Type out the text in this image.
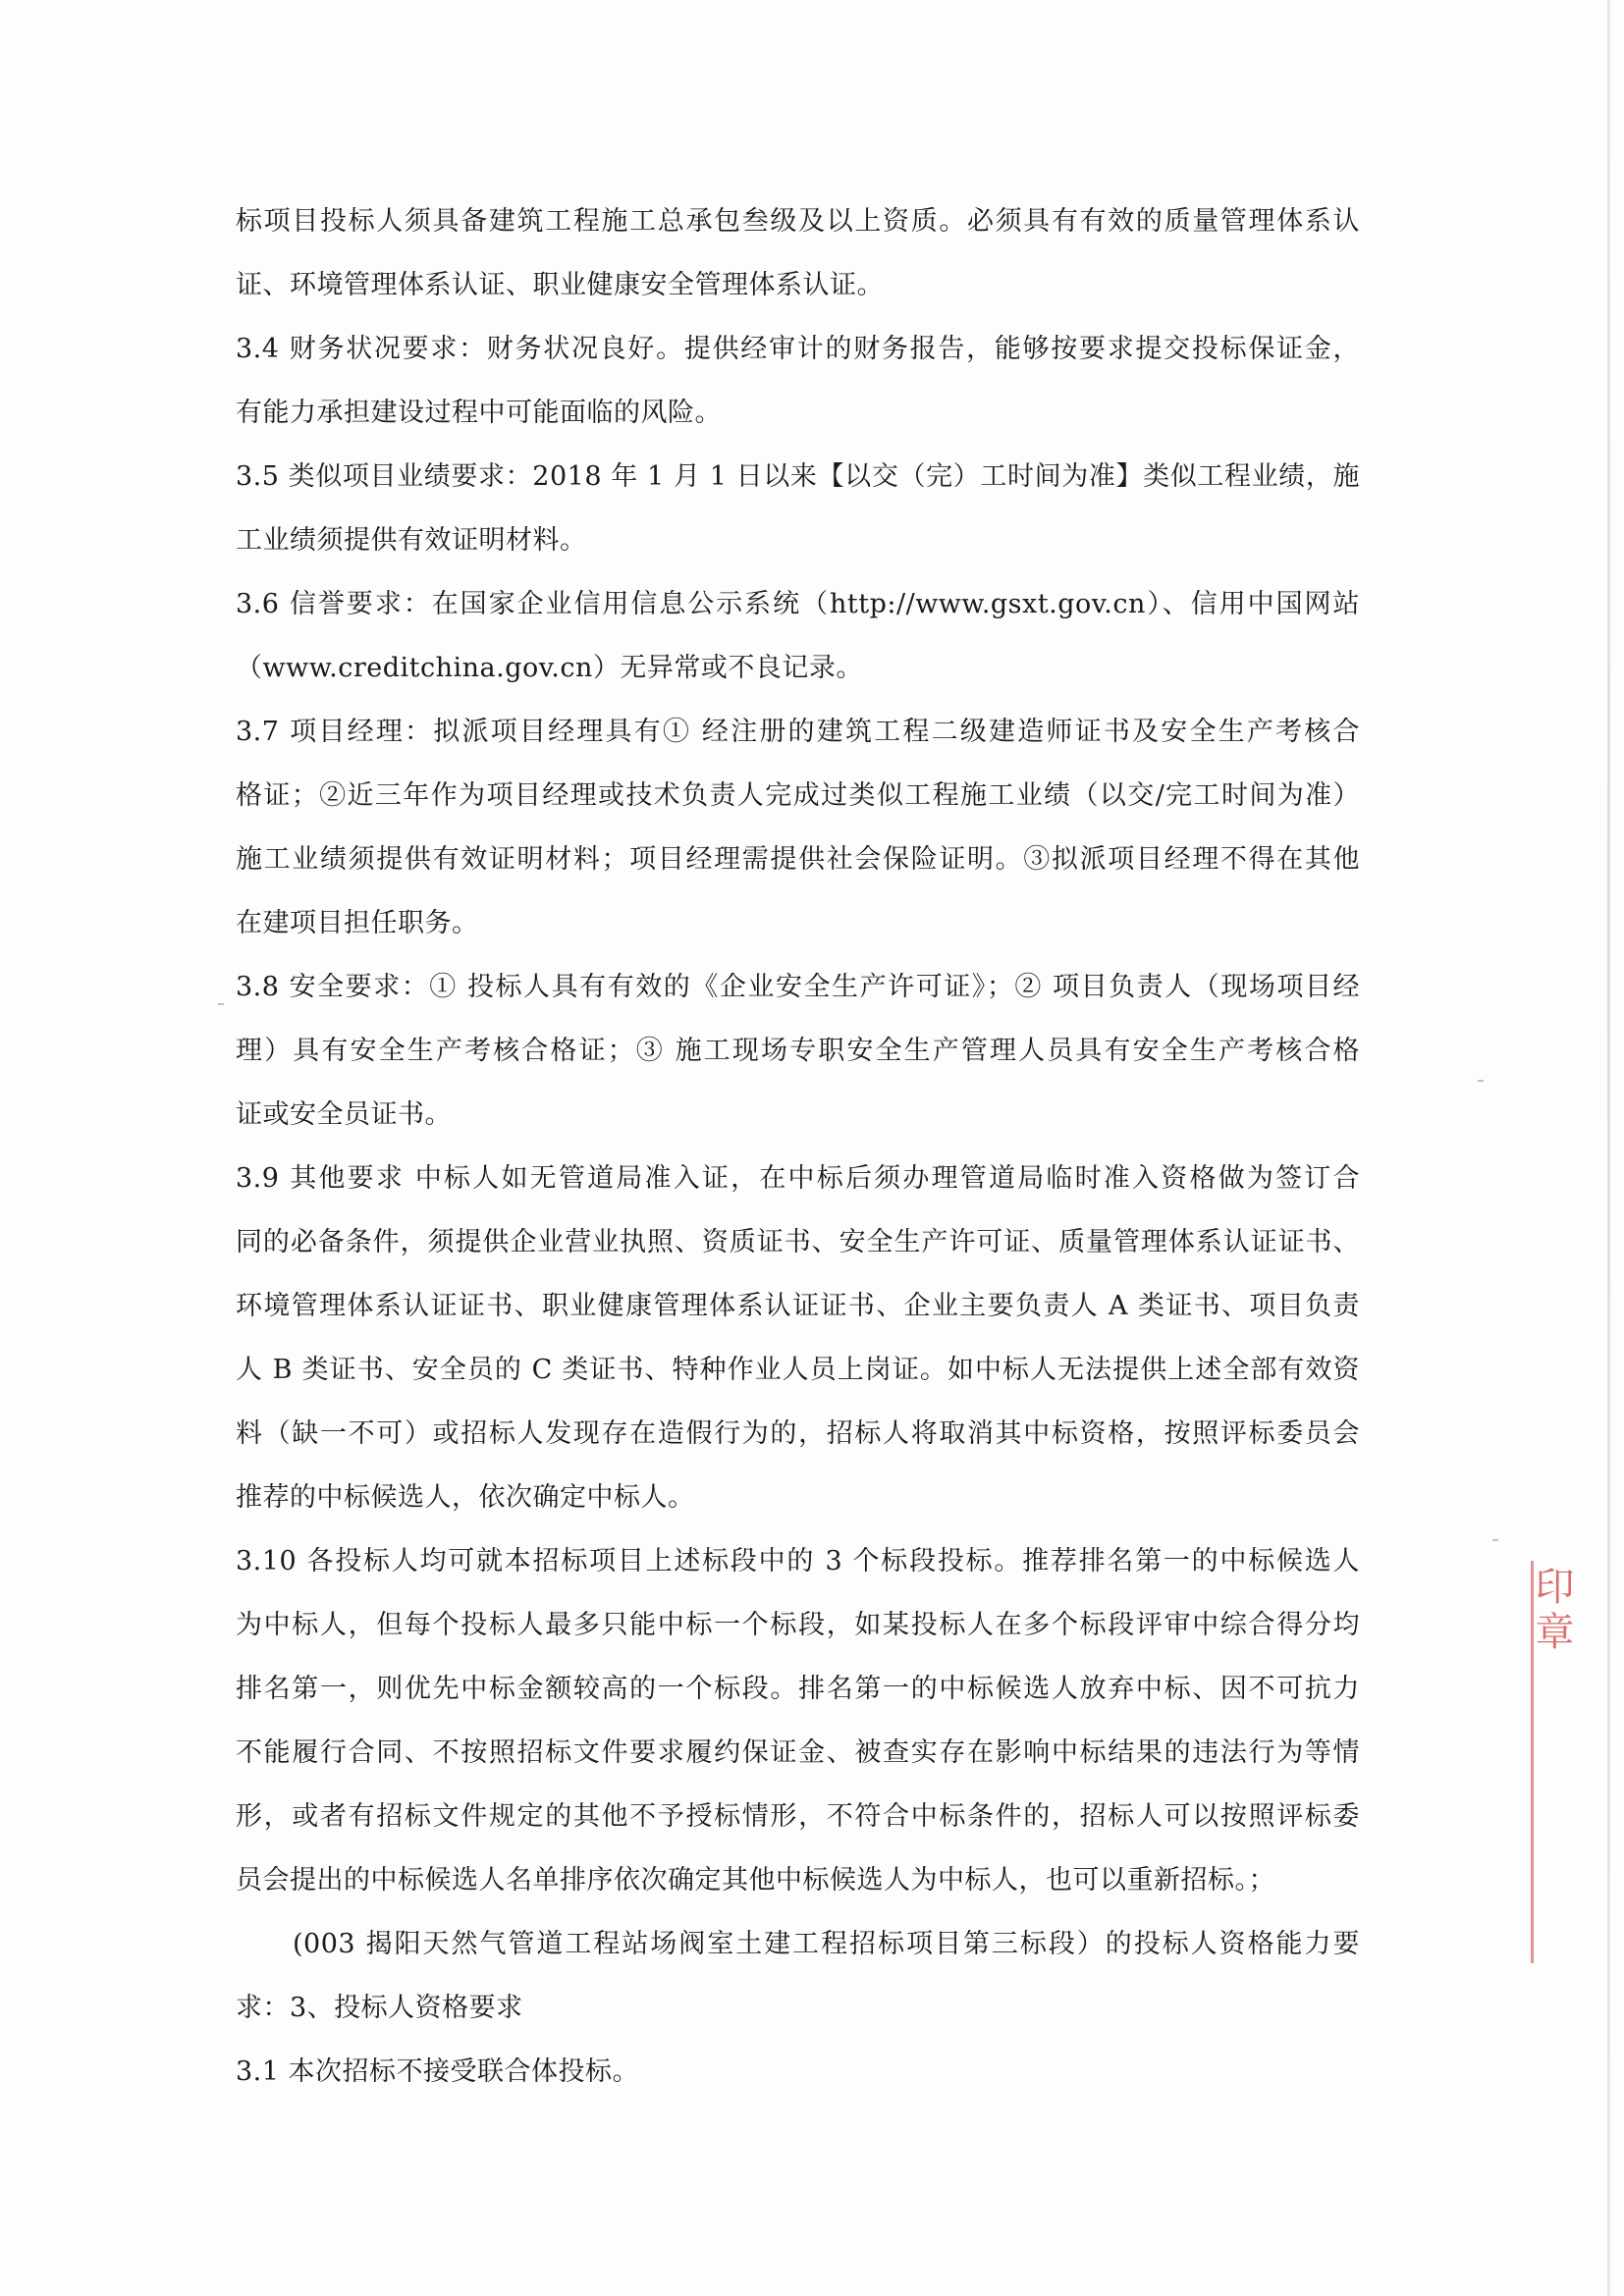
标项目投标人须具备建筑工程施工总承包叁级及以上资质。必须具有有效的质量管理体系认
证、环境管理体系认证、职业健康安全管理体系认证。
3.4 财务状况要求：财务状况良好。提供经审计的财务报告，能够按要求提交投标保证金，
有能力承担建设过程中可能面临的风险。
3.5 类似项目业绩要求：2018 年 1 月 1 日以来【以交（完）工时间为准】类似工程业绩，施
工业绩须提供有效证明材料。
3.6 信誉要求：在国家企业信用信息公示系统（http://www.gsxt.gov.cn）、信用中国网站
（www.creditchina.gov.cn）无异常或不良记录。
3.7 项目经理：拟派项目经理具有① 经注册的建筑工程二级建造师证书及安全生产考核合
格证；②近三年作为项目经理或技术负责人完成过类似工程施工业绩（以交/完工时间为准）
施工业绩须提供有效证明材料；项目经理需提供社会保险证明。③拟派项目经理不得在其他
在建项目担任职务。
3.8 安全要求：① 投标人具有有效的《企业安全生产许可证》；② 项目负责人（现场项目经
理）具有安全生产考核合格证；③ 施工现场专职安全生产管理人员具有安全生产考核合格
证或安全员证书。
3.9 其他要求 中标人如无管道局准入证，在中标后须办理管道局临时准入资格做为签订合
同的必备条件，须提供企业营业执照、资质证书、安全生产许可证、质量管理体系认证证书、
环境管理体系认证证书、职业健康管理体系认证证书、企业主要负责人 A 类证书、项目负责
人 B 类证书、安全员的 C 类证书、特种作业人员上岗证。如中标人无法提供上述全部有效资
料（缺一不可）或招标人发现存在造假行为的，招标人将取消其中标资格，按照评标委员会
推荐的中标候选人，依次确定中标人。
3.10 各投标人均可就本招标项目上述标段中的 3 个标段投标。推荐排名第一的中标候选人
为中标人，但每个投标人最多只能中标一个标段，如某投标人在多个标段评审中综合得分均
排名第一，则优先中标金额较高的一个标段。排名第一的中标候选人放弃中标、因不可抗力
不能履行合同、不按照招标文件要求履约保证金、被查实存在影响中标结果的违法行为等情
形，或者有招标文件规定的其他不予授标情形，不符合中标条件的，招标人可以按照评标委
员会提出的中标候选人名单排序依次确定其他中标候选人为中标人，也可以重新招标。；
(003 揭阳天然气管道工程站场阀室土建工程招标项目第三标段）的投标人资格能力要
求：3、投标人资格要求
3.1 本次招标不接受联合体投标。
印章
